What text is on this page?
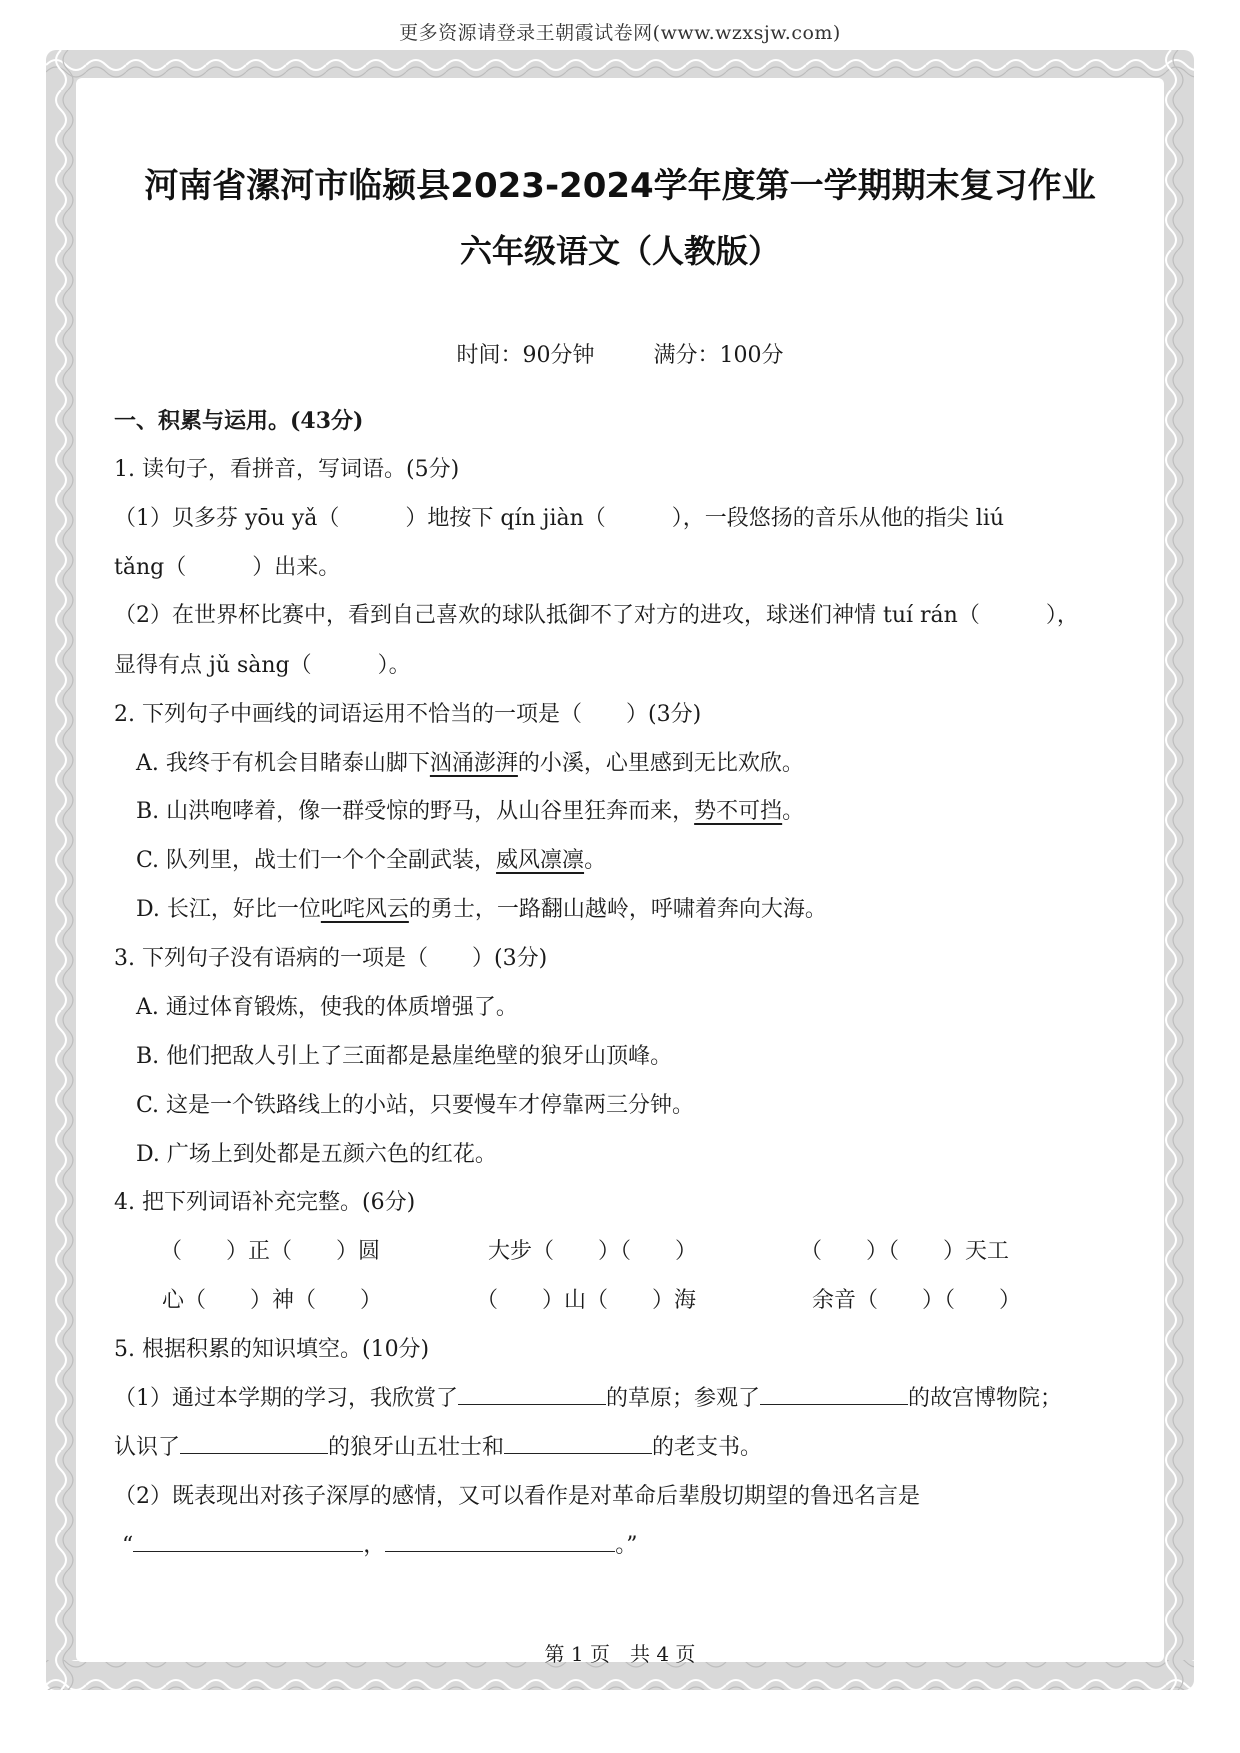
更多资源请登录王朝霞试卷网(www.wzxsjw.com)
河南省漯河市临颍县2023-2024学年度第一学期期末复习作业
六年级语文（人教版）
时间：90分钟	满分：100分
一、积累与运用。(43分)
1. 读句子，看拼音，写词语。(5分)
（1）贝多芬 yōu yǎ（　　　）地按下 qín jiàn（　　　），一段悠扬的音乐从他的指尖 liú
tǎng（　　　）出来。
（2）在世界杯比赛中，看到自己喜欢的球队抵御不了对方的进攻，球迷们神情 tuí rán（　　　），
显得有点 jǔ sàng（　　　）。
2. 下列句子中画线的词语运用不恰当的一项是（　　）(3分)
A. 我终于有机会目睹泰山脚下汹涌澎湃的小溪，心里感到无比欢欣。
B. 山洪咆哮着，像一群受惊的野马，从山谷里狂奔而来，势不可挡。
C. 队列里，战士们一个个全副武装，威风凛凛。
D. 长江，好比一位叱咤风云的勇士，一路翻山越岭，呼啸着奔向大海。
3. 下列句子没有语病的一项是（　　）(3分)
A. 通过体育锻炼，使我的体质增强了。
B. 他们把敌人引上了三面都是悬崖绝壁的狼牙山顶峰。
C. 这是一个铁路线上的小站，只要慢车才停靠两三分钟。
D. 广场上到处都是五颜六色的红花。
4. 把下列词语补充完整。(6分)
（　　）正（　　）圆	大步（　　）（　　）	（　　）（　　）天工
心（　　）神（　　）	（　　）山（　　）海	余音（　　）（　　）
5. 根据积累的知识填空。(10分)
（1）通过本学期的学习，我欣赏了	的草原；参观了	的故宫博物院；
认识了	的狼牙山五壮士和	的老支书。
（2）既表现出对孩子深厚的感情，又可以看作是对革命后辈殷切期望的鲁迅名言是
“	，	。”
第 1 页　共 4 页
